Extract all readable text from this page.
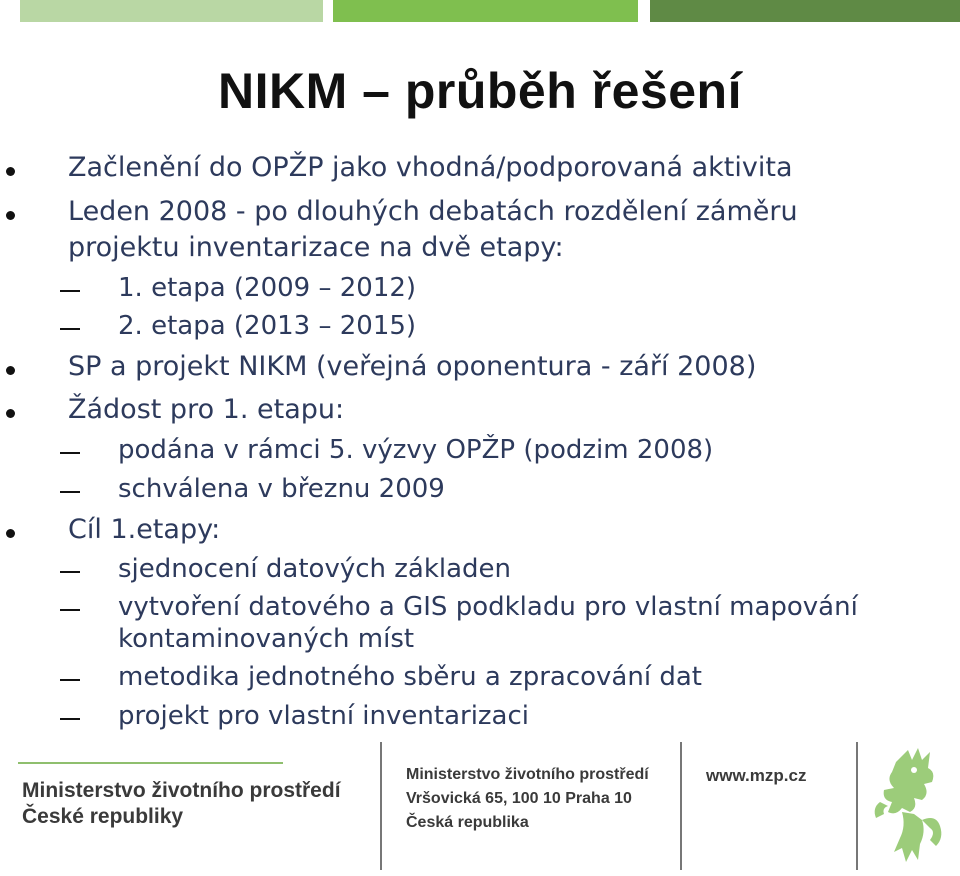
NIKM – průběh řešení
Začlenění do OPŽP jako vhodná/podporovaná aktivita
Leden 2008 - po dlouhých debatách rozdělení záměru
projektu inventarizace na dvě etapy:
1. etapa (2009 – 2012)
2. etapa (2013 – 2015)
SP a projekt NIKM (veřejná oponentura - září 2008)
Žádost pro 1. etapu:
podána v rámci 5. výzvy OPŽP (podzim 2008)
schválena v březnu 2009
Cíl 1.etapy:
sjednocení datových základen
vytvoření datového a GIS podkladu pro vlastní mapování
kontaminovaných míst
metodika jednotného sběru a zpracování dat
projekt pro vlastní inventarizaci
Ministerstvo životního prostředí
České republiky
Ministerstvo životního prostředí
Vršovická 65, 100 10 Praha 10
Česká republika
www.mzp.cz
